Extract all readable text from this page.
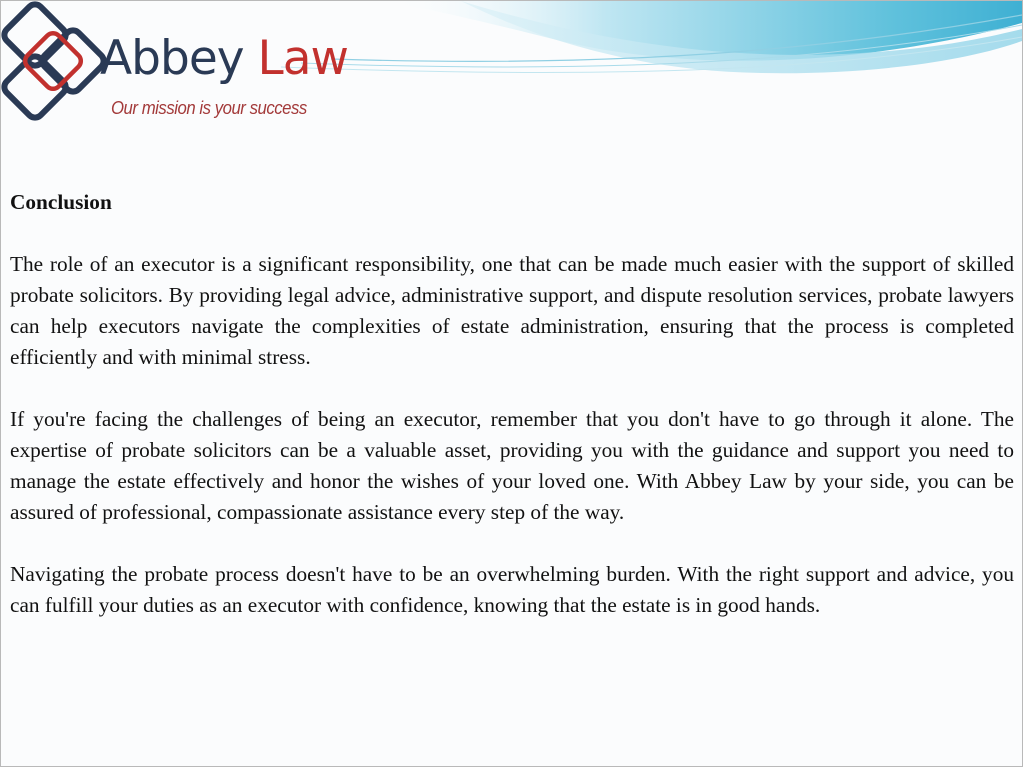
Abbey Law
Our mission is your success
Conclusion

The role of an executor is a significant responsibility, one that can be made much easier with the support of skilled probate solicitors. By providing legal advice, administrative support, and dispute resolution services, probate lawyers can help executors navigate the complexities of estate administration, ensuring that the process is completed efficiently and with minimal stress.

If you're facing the challenges of being an executor, remember that you don't have to go through it alone. The expertise of probate solicitors can be a valuable asset, providing you with the guidance and support you need to manage the estate effectively and honor the wishes of your loved one. With Abbey Law by your side, you can be assured of professional, compassionate assistance every step of the way.

Navigating the probate process doesn't have to be an overwhelming burden. With the right support and advice, you can fulfill your duties as an executor with confidence, knowing that the estate is in good hands.
